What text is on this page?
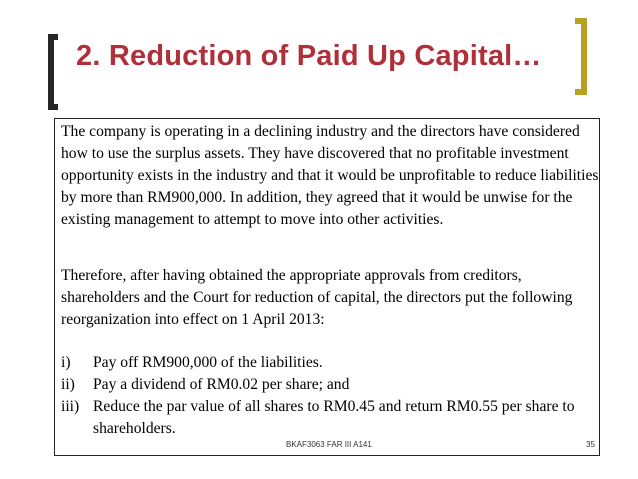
2. Reduction of Paid Up Capital…

The company is operating in a declining industry and the directors have considered how to use the surplus assets. They have discovered that no profitable investment opportunity exists in the industry and that it would be unprofitable to reduce liabilities by more than RM900,000. In addition, they agreed that it would be unwise for the existing management to attempt to move into other activities.

Therefore, after having obtained the appropriate approvals from creditors, shareholders and the Court for reduction of capital, the directors put the following reorganization into effect on 1 April 2013:

i)	Pay off RM900,000 of the liabilities.
ii)	Pay a dividend of RM0.02 per share; and
iii) Reduce the par value of all shares to RM0.45 and return RM0.55 per share to shareholders.
BKAF3063 FAR III A141	35
